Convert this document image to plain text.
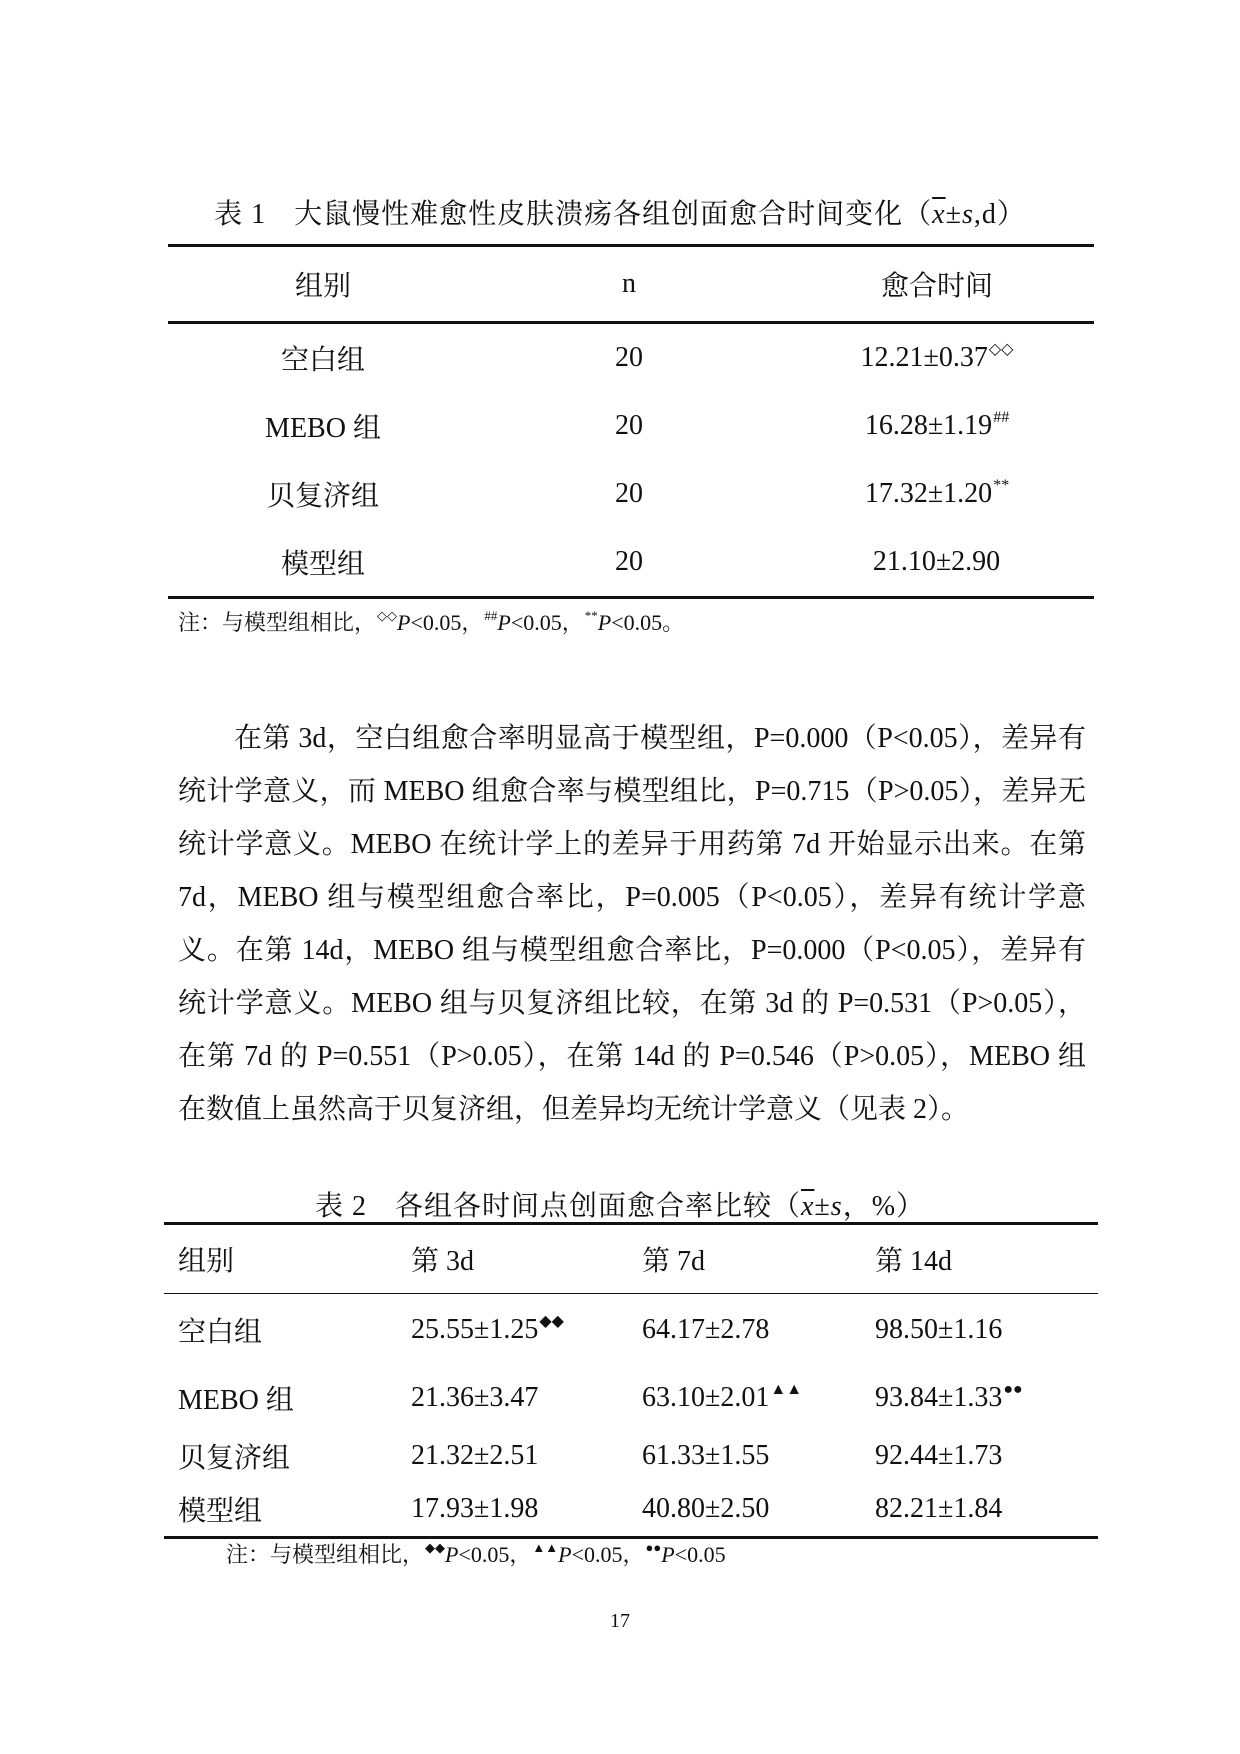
表 1 大鼠慢性难愈性皮肤溃疡各组创面愈合时间变化$(\overline{x}\pm s,d)$
组别	n	愈合时间

空白组	20	12.21±0.37◇◇
MEBO 组	20	16.28±1.19##
贝复济组	20	17.32±1.20**
模型组	20	21.10±2.90
注：与模型组相比，◇◇P<0.05，##P<0.05，**P<0.05。

在第 3d，空白组愈合率明显高于模型组，P=0.000（P<0.05），差异有统计学意义，而 MEBO 组愈合率与模型组比，P=0.715（P>0.05），差异无统计学意义。MEBO 在统计学上的差异于用药第 7d 开始显示出来。在第 7d，MEBO 组与模型组愈合率比，P=0.005（P<0.05），差异有统计学意义。在第 14d，MEBO 组与模型组愈合率比，P=0.000（P<0.05），差异有统计学意义。MEBO 组与贝复济组比较，在第 3d 的 P=0.531（P>0.05），在第 7d 的 P=0.551（P>0.05），在第 14d 的 P=0.546（P>0.05），MEBO 组在数值上虽然高于贝复济组，但差异均无统计学意义（见表 2）。

表 2 各组各时间点创面愈合率比较（$\overline{x}\pm s$，%）
组别	第 3d	第 7d	第 14d
空白组	25.55±1.25◆◆	64.17±2.78	98.50±1.16
MEBO 组	21.36±3.47	63.10±2.01▲▲	93.84±1.33●●
贝复济组	21.32±2.51	61.33±1.55	92.44±1.73
模型组	17.93±1.98	40.80±2.50	82.21±1.84
注：与模型组相比，◆◆P<0.05，▲▲P<0.05，●●P<0.05
17
